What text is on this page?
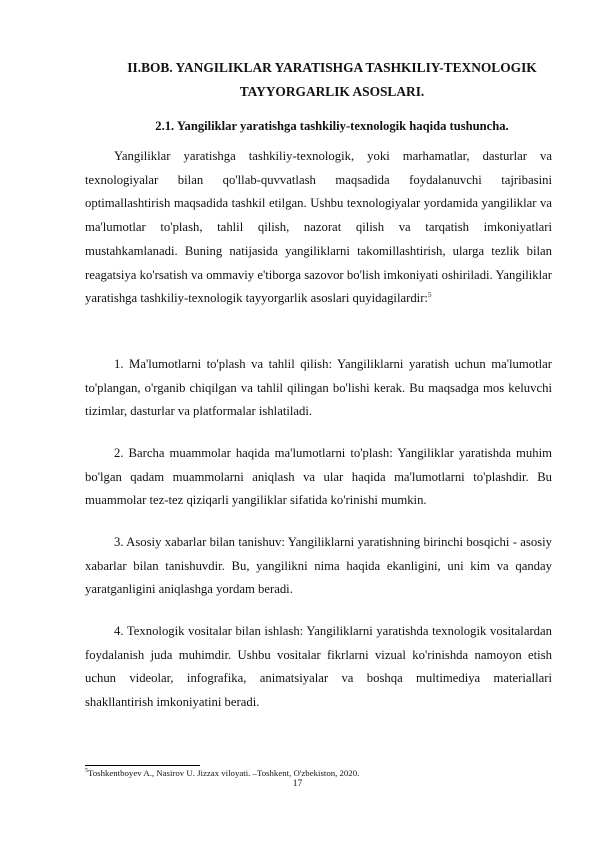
II.BOB. YANGILIKLAR YARATISHGA TASHKILIY-TEXNOLOGIK TAYYORGARLIK ASOSLARI.
2.1. Yangiliklar yaratishga tashkiliy-texnologik haqida tushuncha.

Yangiliklar yaratishga tashkiliy-texnologik, yoki marhamatlar, dasturlar va texnologiyalar bilan qo'llab-quvvatlash maqsadida foydalanuvchi tajribasini optimallashtirish maqsadida tashkil etilgan. Ushbu texnologiyalar yordamida yangiliklar va ma'lumotlar to'plash, tahlil qilish, nazorat qilish va tarqatish imkoniyatlari mustahkamlanadi. Buning natijasida yangiliklarni takomillashtirish, ularga tezlik bilan reagatsiya ko'rsatish va ommaviy e'tiborga sazovor bo'lish imkoniyati oshiriladi. Yangiliklar yaratishga tashkiliy-texnologik tayyorgarlik asoslari quyidagilardir:$^5$

1. Ma'lumotlarni to'plash va tahlil qilish: Yangiliklarni yaratish uchun ma'lumotlar to'plangan, o'rganib chiqilgan va tahlil qilingan bo'lishi kerak. Bu maqsadga mos keluvchi tizimlar, dasturlar va platformalar ishlatiladi.

2. Barcha muammolar haqida ma'lumotlarni to'plash: Yangiliklar yaratishda muhim bo'lgan qadam muammolarni aniqlash va ular haqida ma'lumotlarni to'plashdir. Bu muammolar tez-tez qiziqarli yangiliklar sifatida ko'rinishi mumkin.

3. Asosiy xabarlar bilan tanishuv: Yangiliklarni yaratishning birinchi bosqichi - asosiy xabarlar bilan tanishuvdir. Bu, yangilikni nima haqida ekanligini, uni kim va qanday yaratganligini aniqlashga yordam beradi.

4. Texnologik vositalar bilan ishlash: Yangiliklarni yaratishda texnologik vositalardan foydalanish juda muhimdir. Ushbu vositalar fikrlarni vizual ko'rinishda namoyon etish uchun videolar, infografika, animatsiyalar va boshqa multimediya materiallari shakllantirish imkoniyatini beradi.

$^5$Toshkentboyev A., Nasirov U. Jizzax viloyati. –Toshkent, O'zbekiston, 2020.
17
